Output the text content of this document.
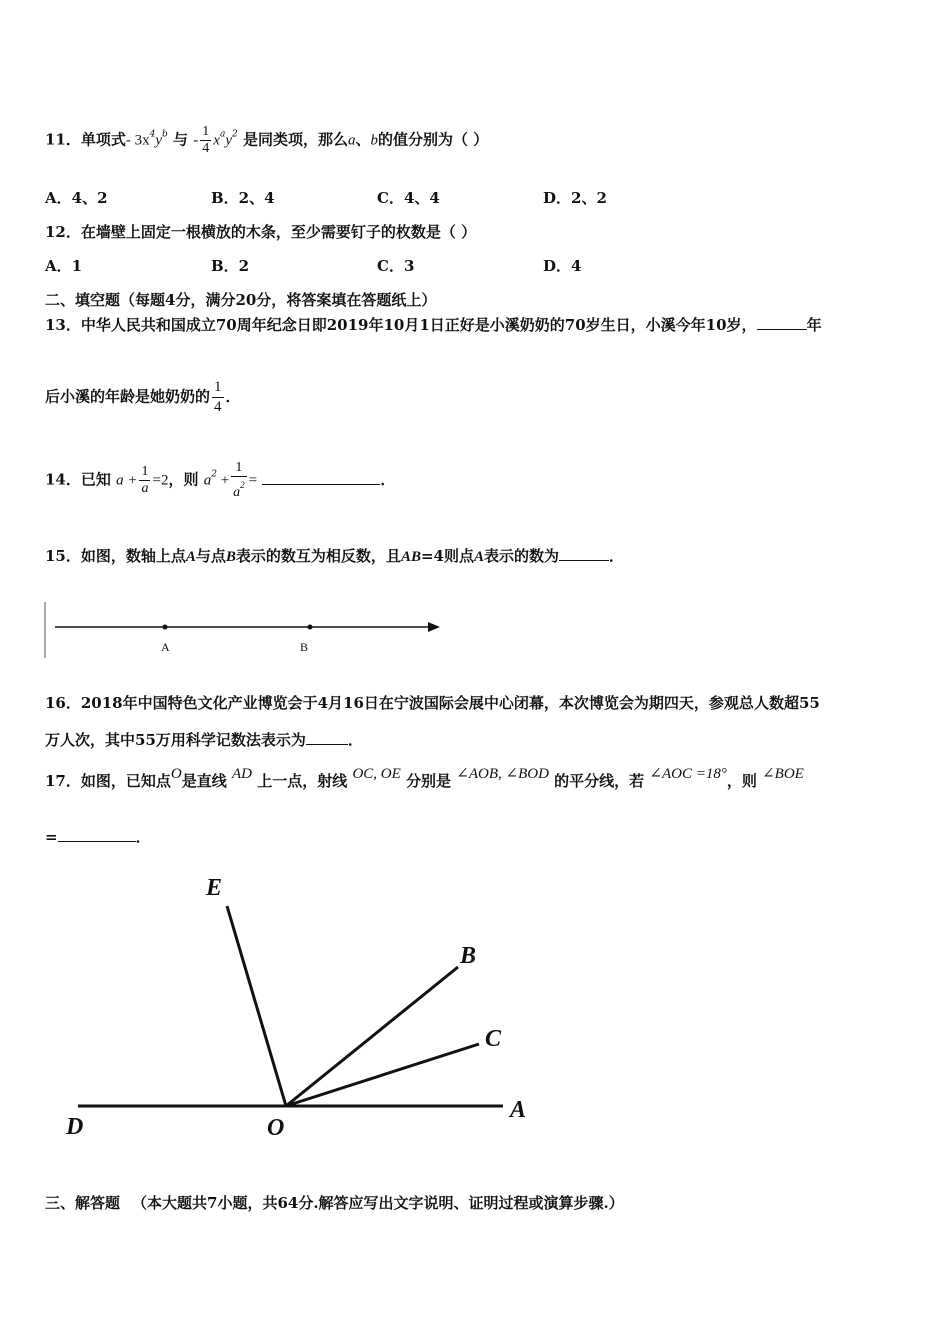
11．单项式- $3x^4y^b$ 与 - $\frac{1}{4} x^ay^2$ 是同类项，那么a、b的值分别为（ ）
A．4、2	B．2、4	C．4、4	D．2、2
12．在墙壁上固定一根横放的木条，至少需要钉子的枚数是（ ）
A．1	B．2	C．3	D．4
二、填空题（每题4分，满分20分，将答案填在答题纸上）
13．中华人民共和国成立70周年纪念日即2019年10月1日正好是小溪奶奶的70岁生日，小溪今年10岁，	年
后小溪的年龄是她奶奶的 $\frac{1}{4}$ ．
14．已知 $a + \frac{1}{a} =2$，则 $a^2 + \frac{1}{a^2}$ =	．
15．如图，数轴上点A与点B表示的数互为相反数，且AB=4则点A表示的数为	．
A	B
16．2018年中国特色文化产业博览会于4月16日在宁波国际会展中心闭幕，本次博览会为期四天，参观总人数超55
万人次，其中55万用科学记数法表示为	．
17．如图，已知点O是直线 AD 上一点，射线 OC, OE 分别是 ∠AOB, ∠BOD 的平分线，若 ∠AOC =18°，则 ∠BOE
=	．
E
B
C
D	O
A
三、解答题 （本大题共7小题，共64分.解答应写出文字说明、证明过程或演算步骤.）
